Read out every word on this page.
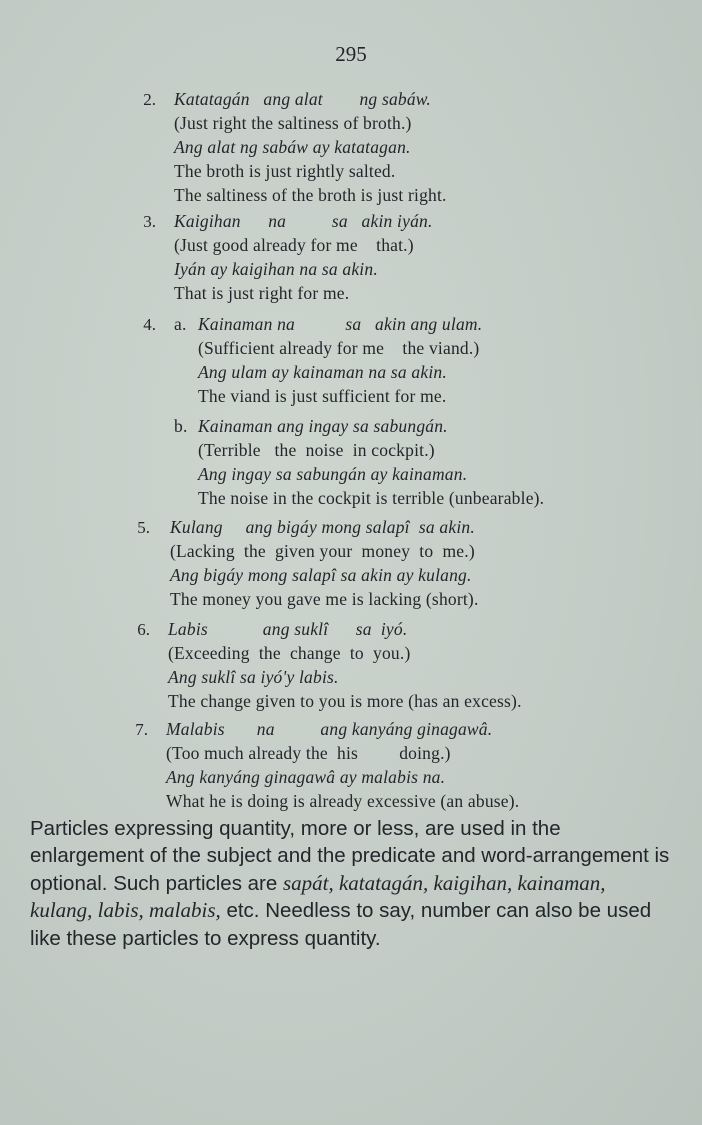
295
2. Katatagán   ang alat        ng sabáw.
(Just right the saltiness of broth.)
Ang alat ng sabáw ay katatagan.
The broth is just rightly salted.
The saltiness of the broth is just right.
3. Kaigihan      na          sa   akin iyán.
(Just good already for me    that.)
Iyán ay kaigihan na sa akin.
That is just right for me.
4. a. Kainaman na           sa   akin ang ulam.
(Sufficient already for me    the viand.)
Ang ulam ay kainaman na sa akin.
The viand is just sufficient for me.
b. Kainaman ang ingay sa sabungán.
(Terrible   the  noise  in cockpit.)
Ang ingay sa sabungán ay kainaman.
The noise in the cockpit is terrible (unbearable).
5. Kulang     ang bigáy mong salapî  sa akin.
(Lacking  the  given your  money  to  me.)
Ang bigáy mong salapî sa akin ay kulang.
The money you gave me is lacking (short).
6. Labis            ang suklî      sa  iyó.
(Exceeding  the  change  to  you.)
Ang suklî sa iyó'y labis.
The change given to you is more (has an excess).
7. Malabis       na          ang kanyáng ginagawâ.
(Too much already the  his         doing.)
Ang kanyáng ginagawâ ay malabis na.
What he is doing is already excessive (an abuse).
Particles expressing quantity, more or less, are used in the enlargement of the subject and the predicate and word-arrangement is optional. Such particles are sapát, katatagán, kaigihan, kainaman, kulang, labis, malabis, etc. Needless to say, number can also be used like these particles to express quantity.
